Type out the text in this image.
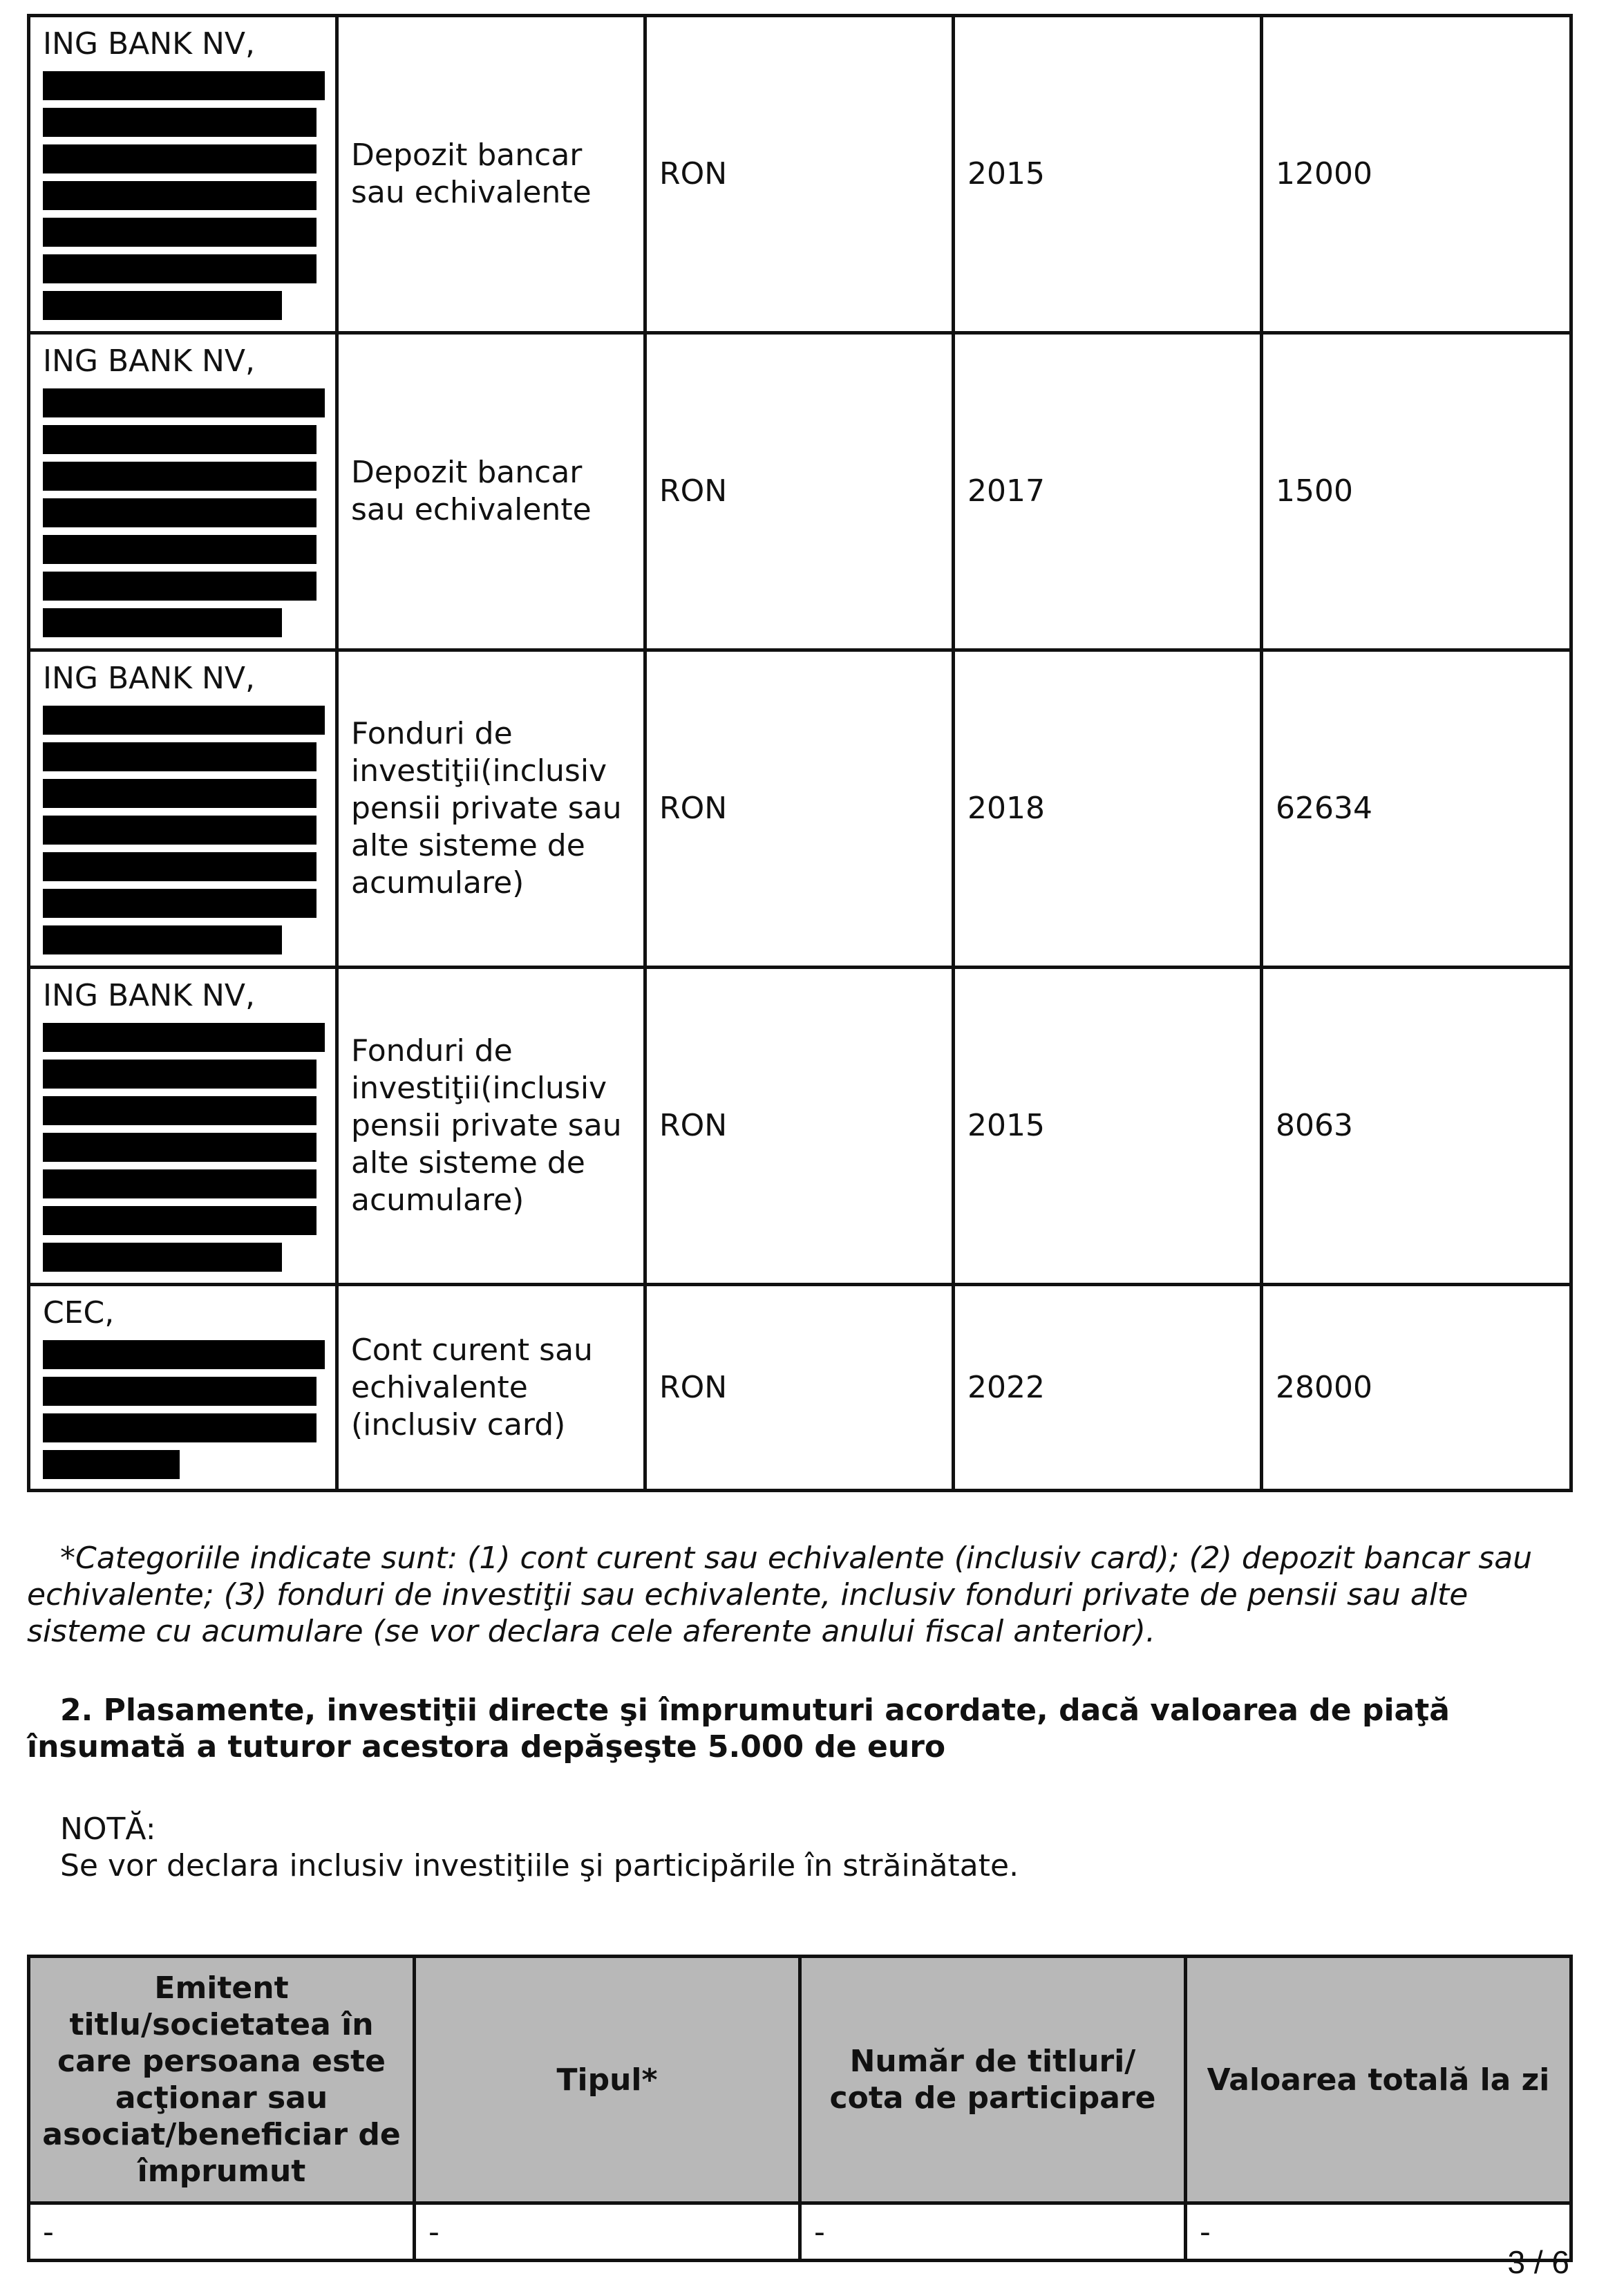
ING BANK NV,	Depozit bancar sau echivalente	RON	2015	12000
ING BANK NV,	Depozit bancar sau echivalente	RON	2017	1500
ING BANK NV,	Fonduri de investiţii(inclusiv pensii private sau alte sisteme de acumulare)	RON	2018	62634
ING BANK NV,	Fonduri de investiţii(inclusiv pensii private sau alte sisteme de acumulare)	RON	2015	8063
CEC,	Cont curent sau echivalente (inclusiv card)	RON	2022	28000
*Categoriile indicate sunt: (1) cont curent sau echivalente (inclusiv card); (2) depozit bancar sau echivalente; (3) fonduri de investiţii sau echivalente, inclusiv fonduri private de pensii sau alte sisteme cu acumulare (se vor declara cele aferente anului fiscal anterior).
2. Plasamente, investiţii directe şi împrumuturi acordate, dacă valoarea de piaţă însumată a tuturor acestora depăşeşte 5.000 de euro
NOTĂ:
Se vor declara inclusiv investiţiile şi participările în străinătate.
Emitent titlu/societatea în care persoana este acţionar sau asociat/beneficiar de împrumut	Tipul*	Număr de titluri/ cota de participare	Valoarea totală la zi
-	-	-	-
3 / 6
